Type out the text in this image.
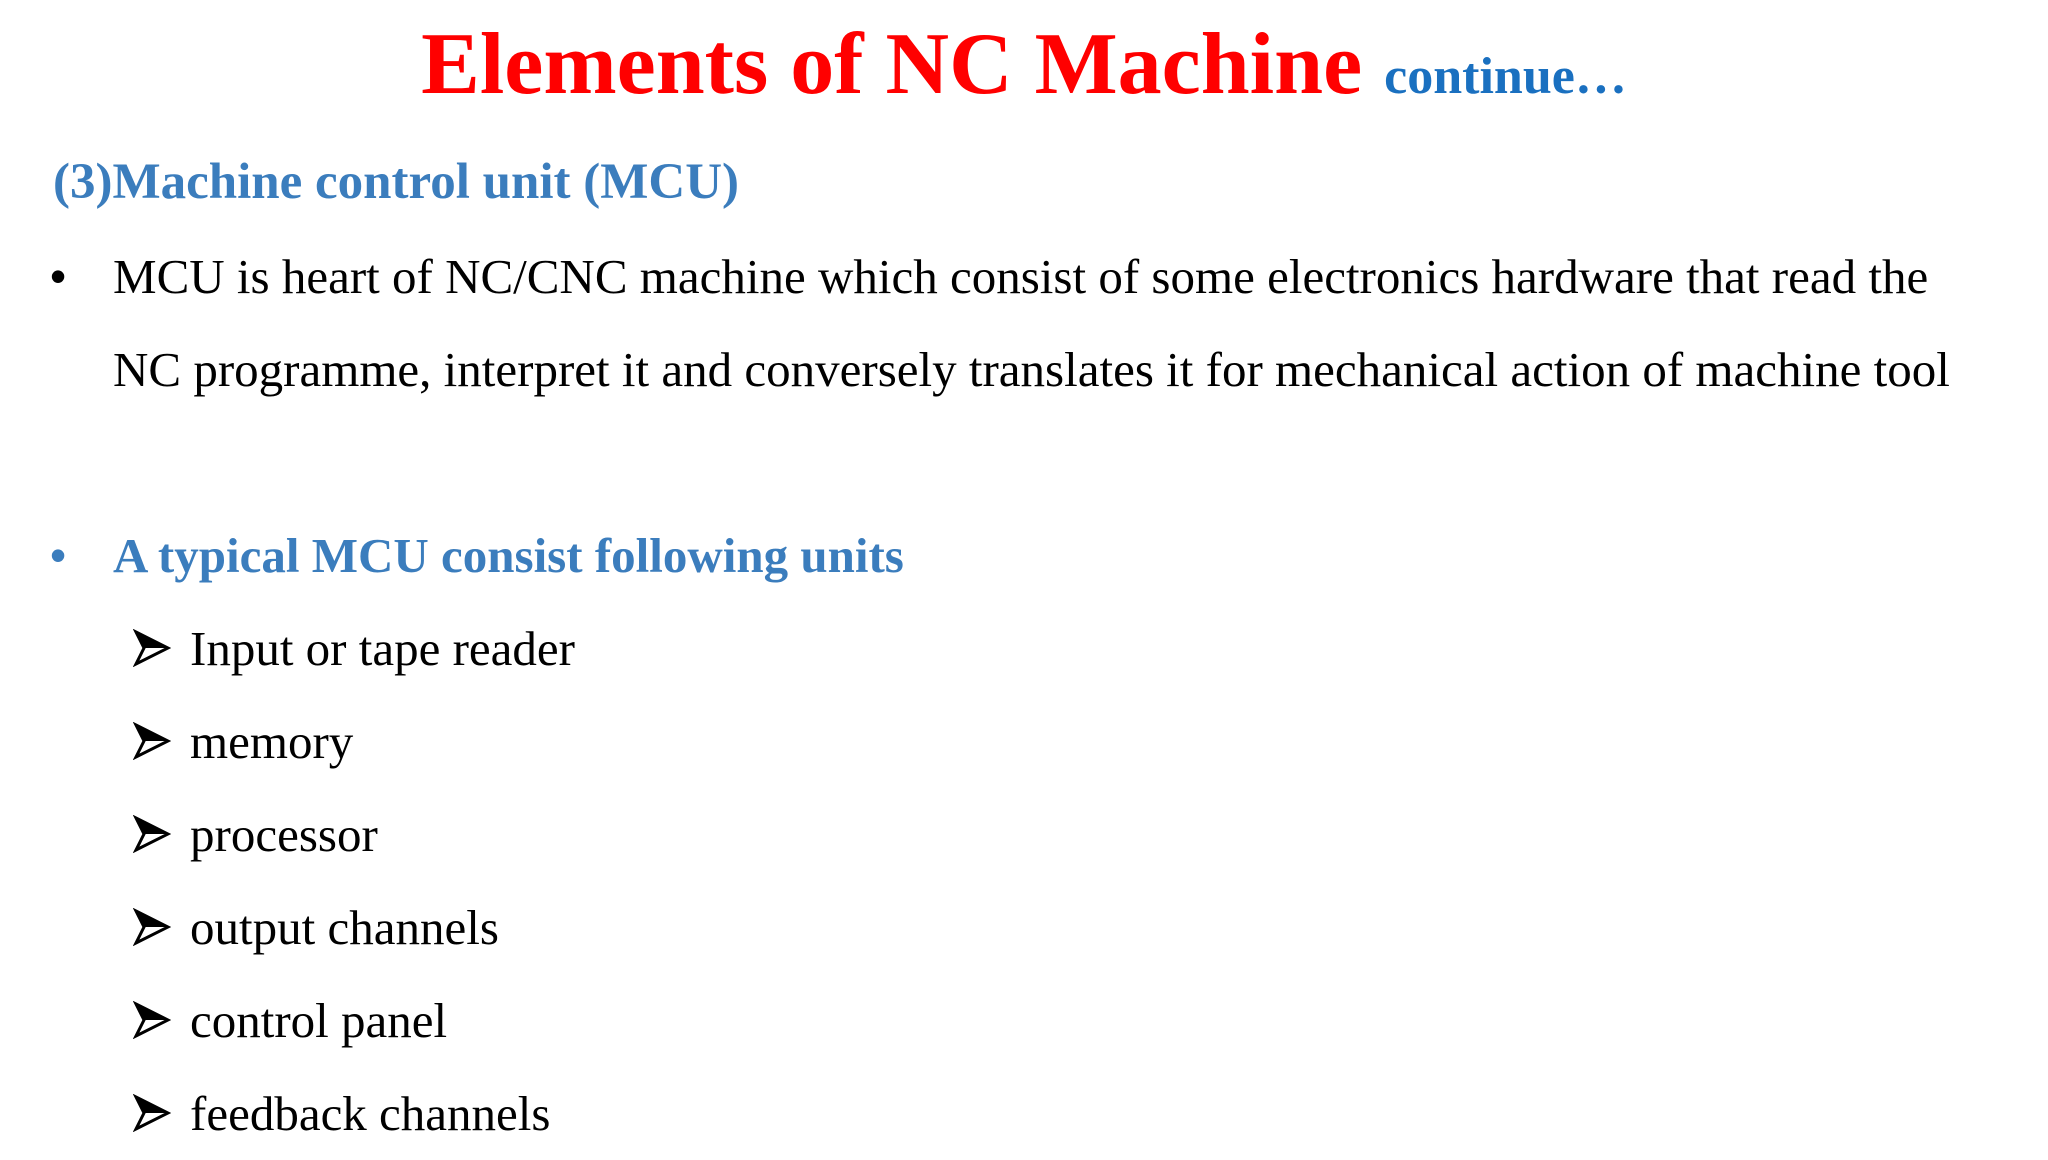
Elements of NC Machine continue…
(3)Machine control unit (MCU)
• MCU is heart of NC/CNC machine which consist of some electronics hardware that read the NC programme, interpret it and conversely translates it for mechanical action of machine tool
• A typical MCU consist following units
Input or tape reader
memory
processor
output channels
control panel
feedback channels
